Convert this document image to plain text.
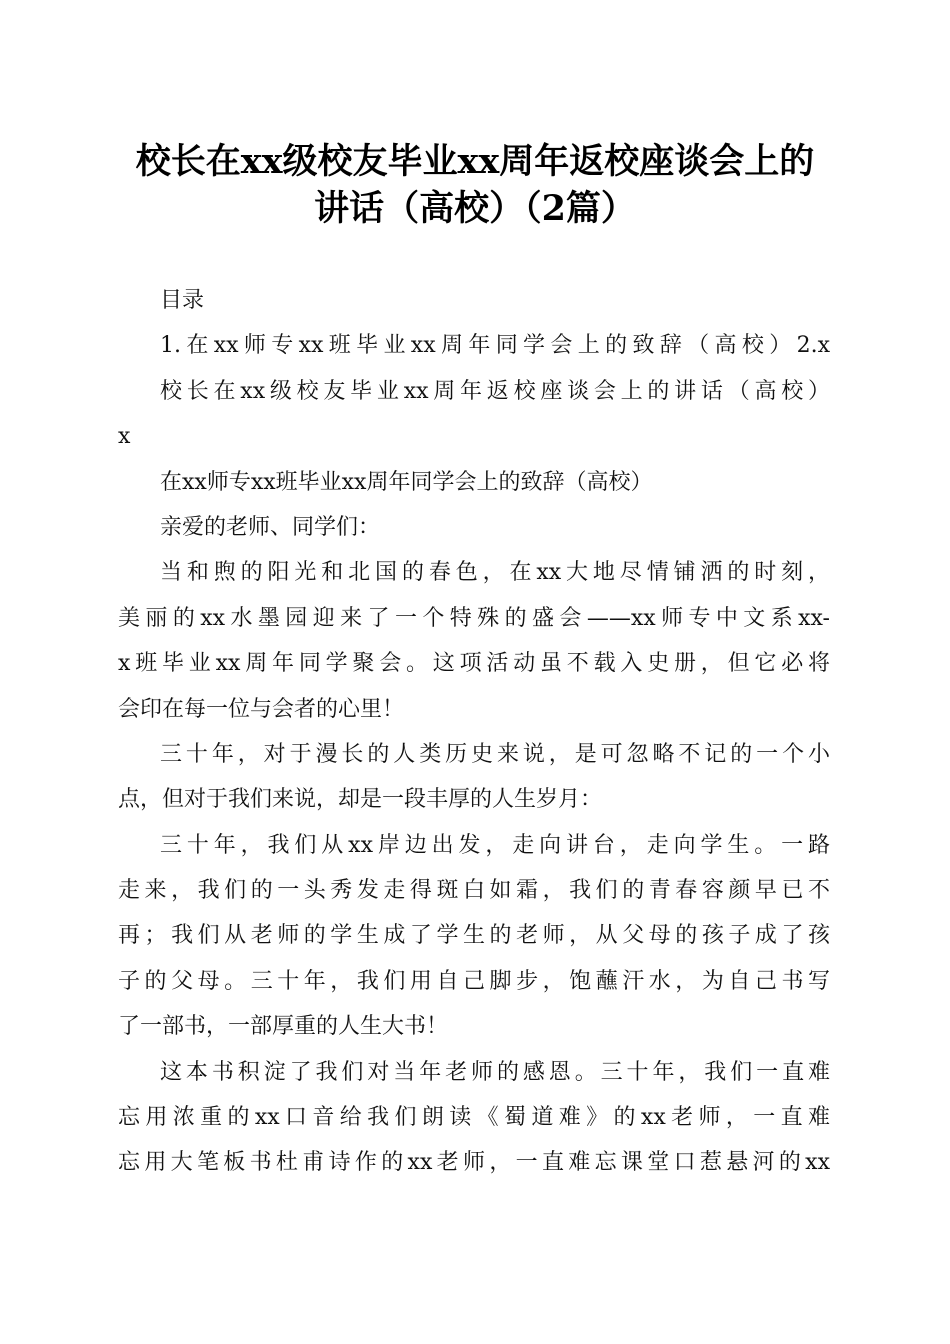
校长在xx级校友毕业xx周年返校座谈会上的
讲话（高校）（2篇）
目录
1.在xx师专xx班毕业xx周年同学会上的致辞（高校）2.x
校长在xx级校友毕业xx周年返校座谈会上的讲话（高校）
x
在xx师专xx班毕业xx周年同学会上的致辞（高校）
亲爱的老师、同学们：
当和煦的阳光和北国的春色，在xx大地尽情铺洒的时刻，
美丽的xx水墨园迎来了一个特殊的盛会——xx师专中文系xx-
x班毕业xx周年同学聚会。这项活动虽不载入史册，但它必将
会印在每一位与会者的心里！
三十年，对于漫长的人类历史来说，是可忽略不记的一个小
点，但对于我们来说，却是一段丰厚的人生岁月：
三十年，我们从xx岸边出发，走向讲台，走向学生。一路
走来，我们的一头秀发走得斑白如霜，我们的青春容颜早已不
再；我们从老师的学生成了学生的老师，从父母的孩子成了孩
子的父母。三十年，我们用自己脚步，饱蘸汗水，为自己书写
了一部书，一部厚重的人生大书！
这本书积淀了我们对当年老师的感恩。三十年，我们一直难
忘用浓重的xx口音给我们朗读《蜀道难》的xx老师，一直难
忘用大笔板书杜甫诗作的xx老师，一直难忘课堂口惹悬河的xx
